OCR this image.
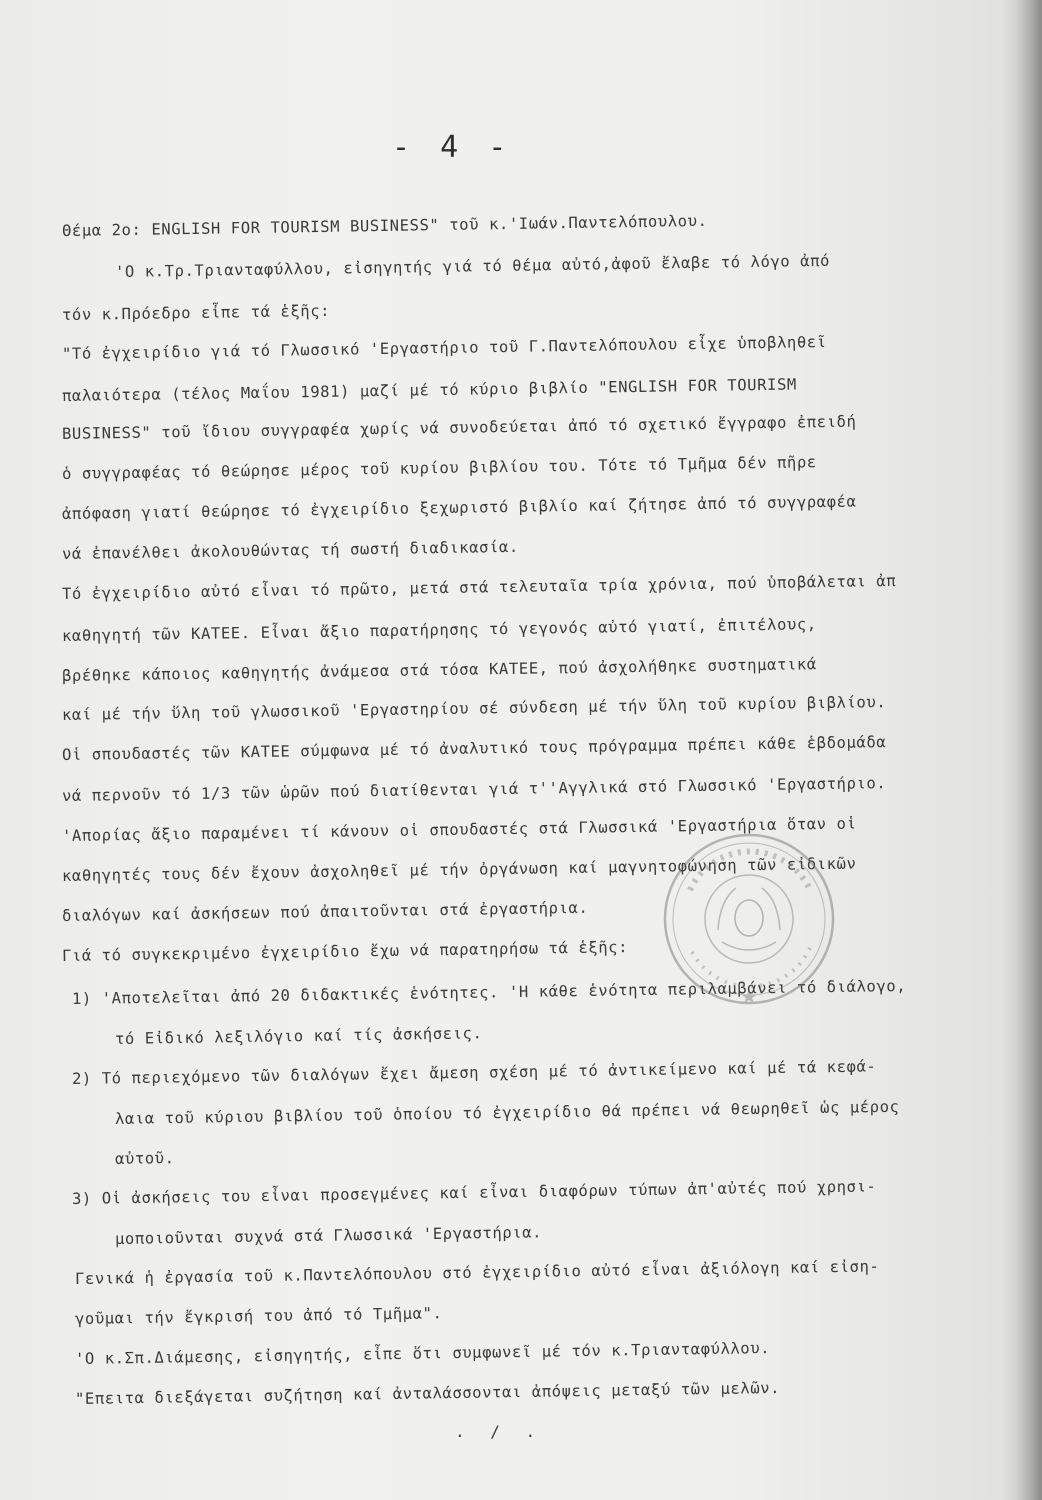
- 4 -
Θέμα 2ο: ENGLISH FOR TOURISM BUSINESS" τοῦ κ.'Ιωάν.Παντελόπουλου.
'Ο κ.Τρ.Τριανταφύλλου, εἰσηγητής γιά τό θέμα αὐτό,ἀφοῦ ἔλαβε τό λόγο ἀπό
τόν κ.Πρόεδρο εἶπε τά ἑξῆς:
"Τό ἐγχειρίδιο γιά τό Γλωσσικό 'Εργαστήριο τοῦ Γ.Παντελόπουλου εἶχε ὑποβληθεῖ
παλαιότερα (τέλος Μαΐου 1981) μαζί μέ τό κύριο βιβλίο "ENGLISH FOR TOURISM
BUSINESS" τοῦ ἴδιου συγγραφέα χωρίς νά συνοδεύεται ἀπό τό σχετικό ἔγγραφο ἐπειδή
ὁ συγγραφέας τό θεώρησε μέρος τοῦ κυρίου βιβλίου του. Τότε τό Τμῆμα δέν πῆρε
ἀπόφαση γιατί θεώρησε τό ἐγχειρίδιο ξεχωριστό βιβλίο καί ζήτησε ἀπό τό συγγραφέα
νά ἐπανέλθει ἀκολουθώντας τή σωστή διαδικασία.
Τό ἐγχειρίδιο αὐτό εἶναι τό πρῶτο, μετά στά τελευταῖα τρία χρόνια, πού ὑποβάλεται ἀπ
καθηγητή τῶν ΚΑΤΕΕ. Εἶναι ἄξιο παρατήρησης τό γεγονός αὐτό γιατί, ἐπιτέλους,
βρέθηκε κάποιος καθηγητής ἀνάμεσα στά τόσα ΚΑΤΕΕ, πού ἀσχολήθηκε συστηματικά
καί μέ τήν ὕλη τοῦ γλωσσικοῦ 'Εργαστηρίου σέ σύνδεση μέ τήν ὕλη τοῦ κυρίου βιβλίου.
Οἱ σπουδαστές τῶν ΚΑΤΕΕ σύμφωνα μέ τό ἀναλυτικό τους πρόγραμμα πρέπει κάθε ἑβδομάδα
νά περνοῦν τό 1/3 τῶν ὡρῶν πού διατίθενται γιά τ''Αγγλικά στό Γλωσσικό 'Εργαστήριο.
'Απορίας ἄξιο παραμένει τί κάνουν οἱ σπουδαστές στά Γλωσσικά 'Εργαστήρια ὅταν οἱ
καθηγητές τους δέν ἔχουν ἀσχοληθεῖ μέ τήν ὀργάνωση καί μαγνητοφώνηση τῶν εἰδικῶν
διαλόγων καί ἀσκήσεων πού ἀπαιτοῦνται στά ἐργαστήρια.
Γιά τό συγκεκριμένο ἐγχειρίδιο ἔχω νά παρατηρήσω τά ἑξῆς:
1) 'Αποτελεῖται ἀπό 20 διδακτικές ἑνότητες. 'Η κάθε ἑνότητα περιλαμβάνει τό διάλογο,
τό Εἰδικό λεξιλόγιο καί τίς ἀσκήσεις.
2) Τό περιεχόμενο τῶν διαλόγων ἔχει ἄμεση σχέση μέ τό ἀντικείμενο καί μέ τά κεφά-
λαια τοῦ κύριου βιβλίου τοῦ ὁποίου τό ἐγχειρίδιο θά πρέπει νά θεωρηθεῖ ὡς μέρος
αὐτοῦ.
3) Οἱ ἀσκήσεις του εἶναι προσεγμένες καί εἶναι διαφόρων τύπων ἀπ'αὐτές πού χρησι-
μοποιοῦνται συχνά στά Γλωσσικά 'Εργαστήρια.
Γενικά ἡ ἐργασία τοῦ κ.Παντελόπουλου στό ἐγχειρίδιο αὐτό εἶναι ἀξιόλογη καί εἰση-
γοῦμαι τήν ἔγκρισή του ἀπό τό Τμῆμα".
'Ο κ.Σπ.Διάμεσης, εἰσηγητής, εἶπε ὅτι συμφωνεῖ μέ τόν κ.Τριανταφύλλου.
"Επειτα διεξάγεται συζήτηση καί ἀνταλάσσονται ἀπόψεις μεταξύ τῶν μελῶν.
. / .
